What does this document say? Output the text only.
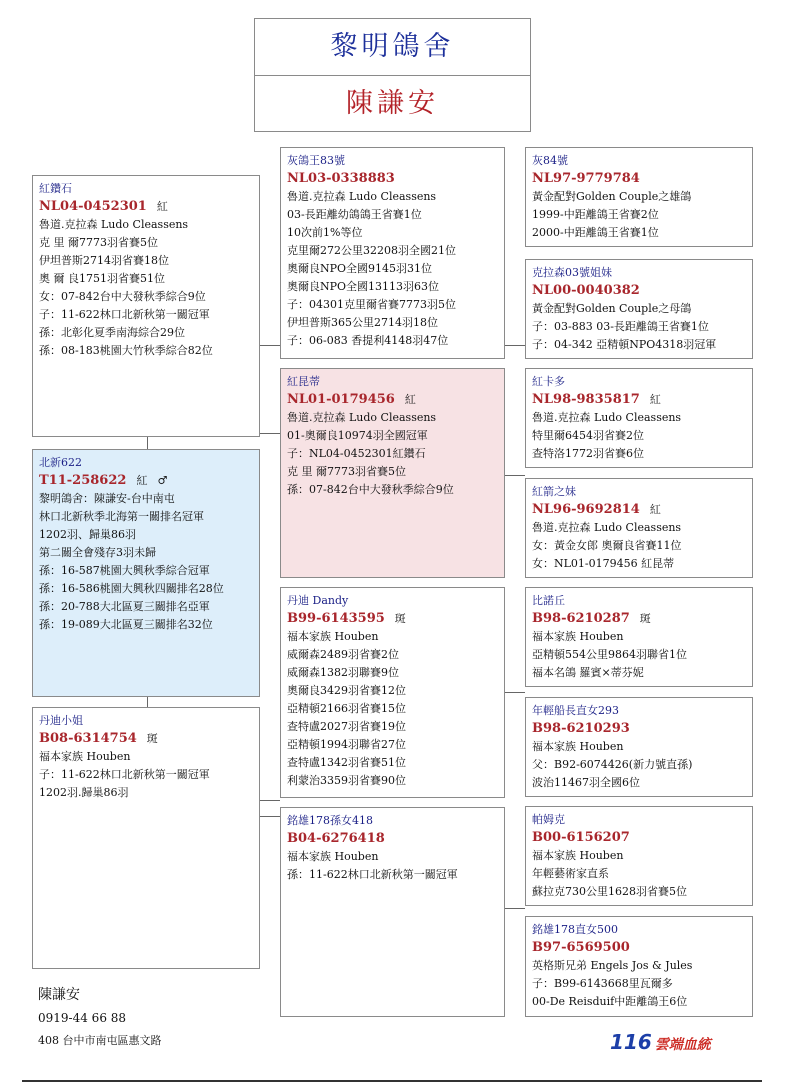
黎明鴿舍
陳謙安
紅鑽石
NL04-0452301 紅
魯道.克拉森 Ludo Cleassens
克 里 爾7773羽省賽5位
伊坦普斯2714羽省賽18位
奧 爾 良1751羽省賽51位
女：07-842台中大發秋季綜合9位
子：11-622林口北新秋第一關冠軍
孫：北彰化夏季南海綜合29位
孫：08-183桃園大竹秋季綜合82位
北新622
T11-258622 紅 ♂
黎明鴿舍：陳謙安-台中南屯
林口北新秋季北海第一關排名冠軍
1202羽、歸巢86羽
第二關全會殘存3羽未歸
孫：16-587桃園大興秋季綜合冠軍
孫：16-586桃園大興秋四關排名28位
孫：20-788大北區夏三關排名亞軍
孫：19-089大北區夏三關排名32位
丹迪小姐
B08-6314754 斑
福本家族 Houben
子：11-622林口北新秋第一關冠軍
1202羽.歸巢86羽
灰鴿王83號
NL03-0338883
魯道.克拉森 Ludo Cleassens
03-長距離幼鴿鴿王省賽1位
10次前1%等位
克里爾272公里32208羽全國21位
奧爾良NPO全國9145羽31位
奧爾良NPO全國13113羽63位
子：04301克里爾省賽7773羽5位
伊坦普斯365公里2714羽18位
子：06-083 香提利4148羽47位
紅昆蒂
NL01-0179456 紅
魯道.克拉森 Ludo Cleassens
01-奧爾良10974羽全國冠軍
子：NL04-0452301紅鑽石
克 里 爾7773羽省賽5位
孫：07-842台中大發秋季綜合9位
丹迪 Dandy
B99-6143595 斑
福本家族 Houben
威爾森2489羽省賽2位
威爾森1382羽聯賽9位
奧爾良3429羽省賽12位
亞精頓2166羽省賽15位
查特盧2027羽省賽19位
亞精頓1994羽聯省27位
查特盧1342羽省賽51位
利蒙治3359羽省賽90位
銘雄178孫女418
B04-6276418
福本家族 Houben
孫：11-622林口北新秋第一關冠軍
灰84號
NL97-9779784
黃金配對Golden Couple之雄鴿
1999-中距離鴿王省賽2位
2000-中距離鴿王省賽1位
克拉森03號姐妹
NL00-0040382
黃金配對Golden Couple之母鴿
子：03-883 03-長距離鴿王省賽1位
子：04-342 亞精頓NPO4318羽冠軍
紅卡多
NL98-9835817 紅
魯道.克拉森 Ludo Cleassens
特里爾6454羽省賽2位
查特洛1772羽省賽6位
紅箭之妹
NL96-9692814 紅
魯道.克拉森 Ludo Cleassens
女：黃金女郎 奧爾良省賽11位
女：NL01-0179456 紅昆蒂
比諾丘
B98-6210287 斑
福本家族 Houben
亞精頓554公里9864羽聯省1位
福本名鴿 羅賓×蒂芬妮
年輕船長直女293
B98-6210293
福本家族 Houben
父：B92-6074426(新力號直孫)
波治11467羽全國6位
帕姆克
B00-6156207
福本家族 Houben
年輕藝術家直系
蘇拉克730公里1628羽省賽5位
銘雄178直女500
B97-6569500
英格斯兄弟 Engels Jos & Jules
子：B99-6143668里瓦爾多
00-De Reisduif中距離鴿王6位
陳謙安
0919-44 66 88
408 台中市南屯區惠文路	116 雲端血統
